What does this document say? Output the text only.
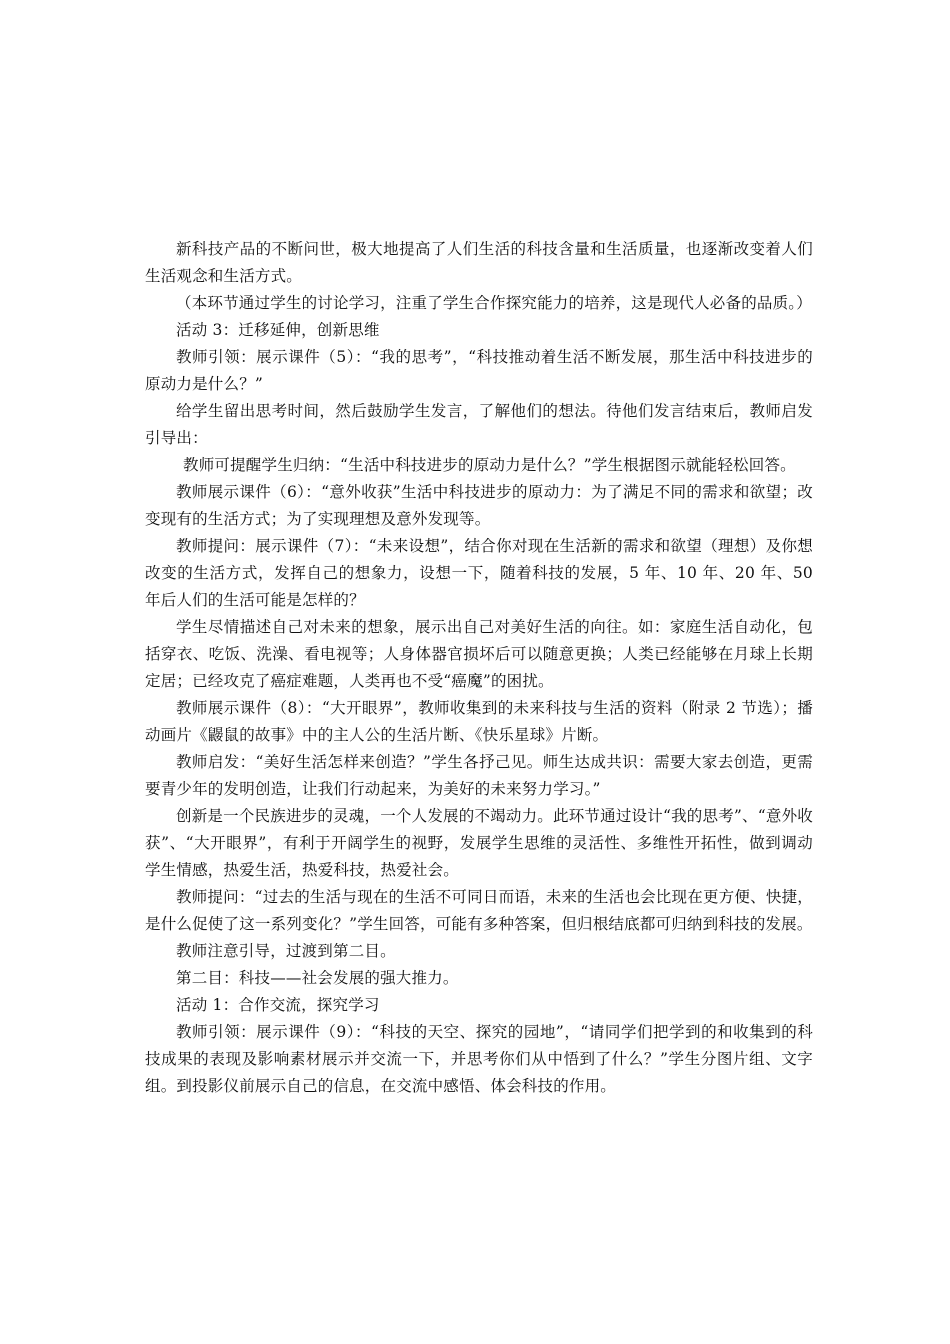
新科技产品的不断问世，极大地提高了人们生活的科技含量和生活质量，也逐渐改变着人们生活观念和生活方式。

（本环节通过学生的讨论学习，注重了学生合作探究能力的培养，这是现代人必备的品质。）

活动 3：迁移延伸，创新思维

教师引领：展示课件（5）：“我的思考”，“科技推动着生活不断发展，那生活中科技进步的原动力是什么？”

给学生留出思考时间，然后鼓励学生发言，了解他们的想法。待他们发言结束后，教师启发引导出：

教师可提醒学生归纳：“生活中科技进步的原动力是什么？”学生根据图示就能轻松回答。

教师展示课件（6）：“意外收获”生活中科技进步的原动力：为了满足不同的需求和欲望；改变现有的生活方式；为了实现理想及意外发现等。

教师提问：展示课件（7）：“未来设想”，结合你对现在生活新的需求和欲望（理想）及你想改变的生活方式，发挥自己的想象力，设想一下，随着科技的发展，5 年、10 年、20 年、50 年后人们的生活可能是怎样的？

学生尽情描述自己对未来的想象，展示出自己对美好生活的向往。如：家庭生活自动化，包括穿衣、吃饭、洗澡、看电视等；人身体器官损坏后可以随意更换；人类已经能够在月球上长期定居；已经攻克了癌症难题，人类再也不受“癌魔”的困扰。

教师展示课件（8）：“大开眼界”，教师收集到的未来科技与生活的资料（附录 2 节选）；播动画片《鼹鼠的故事》中的主人公的生活片断、《快乐星球》片断。

教师启发：“美好生活怎样来创造？”学生各抒己见。师生达成共识：需要大家去创造，更需要青少年的发明创造，让我们行动起来，为美好的未来努力学习。”

创新是一个民族进步的灵魂，一个人发展的不竭动力。此环节通过设计“我的思考”、“意外收获”、“大开眼界”，有利于开阔学生的视野，发展学生思维的灵活性、多维性开拓性，做到调动学生情感，热爱生活，热爱科技，热爱社会。

教师提问：“过去的生活与现在的生活不可同日而语，未来的生活也会比现在更方便、快捷，是什么促使了这一系列变化？”学生回答，可能有多种答案，但归根结底都可归纳到科技的发展。

教师注意引导，过渡到第二目。

第二目：科技——社会发展的强大推力。

活动 1：合作交流，探究学习

教师引领：展示课件（9）：“科技的天空、探究的园地”，“请同学们把学到的和收集到的科技成果的表现及影响素材展示并交流一下，并思考你们从中悟到了什么？”学生分图片组、文字组。到投影仪前展示自己的信息，在交流中感悟、体会科技的作用。
